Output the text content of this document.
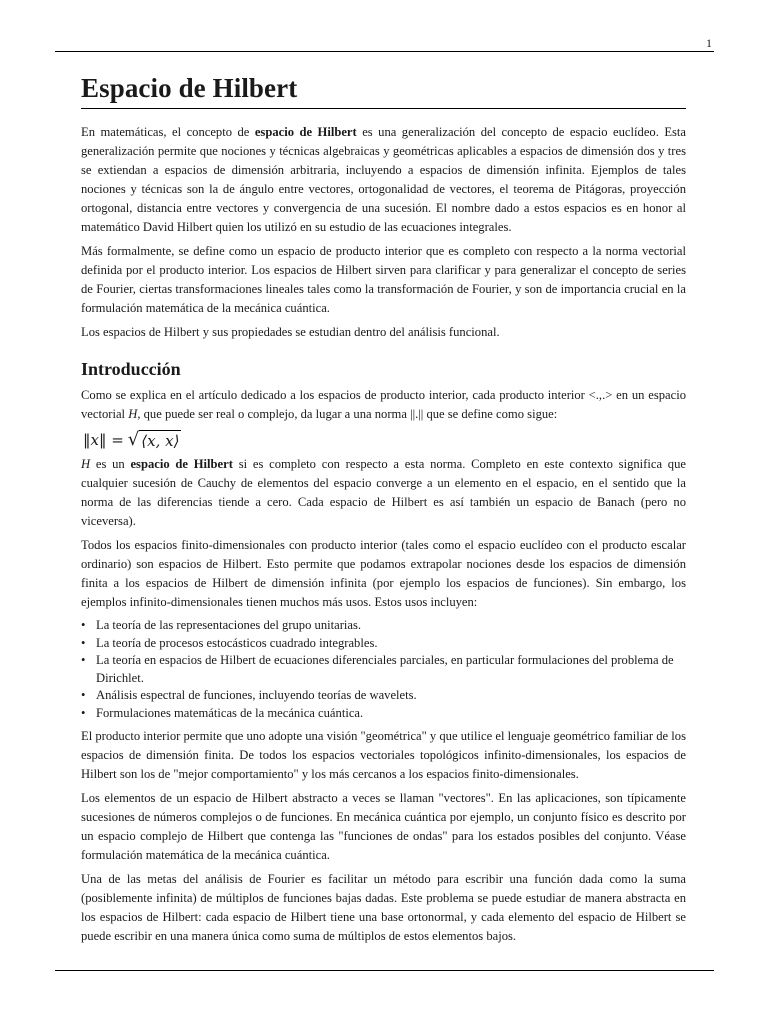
1
Espacio de Hilbert

En matemáticas, el concepto de espacio de Hilbert es una generalización del concepto de espacio euclídeo. Esta generalización permite que nociones y técnicas algebraicas y geométricas aplicables a espacios de dimensión dos y tres se extiendan a espacios de dimensión arbitraria, incluyendo a espacios de dimensión infinita. Ejemplos de tales nociones y técnicas son la de ángulo entre vectores, ortogonalidad de vectores, el teorema de Pitágoras, proyección ortogonal, distancia entre vectores y convergencia de una sucesión. El nombre dado a estos espacios es en honor al matemático David Hilbert quien los utilizó en su estudio de las ecuaciones integrales.

Más formalmente, se define como un espacio de producto interior que es completo con respecto a la norma vectorial definida por el producto interior. Los espacios de Hilbert sirven para clarificar y para generalizar el concepto de series de Fourier, ciertas transformaciones lineales tales como la transformación de Fourier, y son de importancia crucial en la formulación matemática de la mecánica cuántica.

Los espacios de Hilbert y sus propiedades se estudian dentro del análisis funcional.

Introducción

Como se explica en el artículo dedicado a los espacios de producto interior, cada producto interior <.,.> en un espacio vectorial H, que puede ser real o complejo, da lugar a una norma ||.|| que se define como sigue:

‖x‖ = √ ⟨x, x⟩

H es un espacio de Hilbert si es completo con respecto a esta norma. Completo en este contexto significa que cualquier sucesión de Cauchy de elementos del espacio converge a un elemento en el espacio, en el sentido que la norma de las diferencias tiende a cero. Cada espacio de Hilbert es así también un espacio de Banach (pero no viceversa).

Todos los espacios finito-dimensionales con producto interior (tales como el espacio euclídeo con el producto escalar ordinario) son espacios de Hilbert. Esto permite que podamos extrapolar nociones desde los espacios de dimensión finita a los espacios de Hilbert de dimensión infinita (por ejemplo los espacios de funciones). Sin embargo, los ejemplos infinito-dimensionales tienen muchos más usos. Estos usos incluyen:

• La teoría de las representaciones del grupo unitarias.
• La teoría de procesos estocásticos cuadrado integrables.
• La teoría en espacios de Hilbert de ecuaciones diferenciales parciales, en particular formulaciones del problema de Dirichlet.
• Análisis espectral de funciones, incluyendo teorías de wavelets.
• Formulaciones matemáticas de la mecánica cuántica.

El producto interior permite que uno adopte una visión "geométrica" y que utilice el lenguaje geométrico familiar de los espacios de dimensión finita. De todos los espacios vectoriales topológicos infinito-dimensionales, los espacios de Hilbert son los de "mejor comportamiento" y los más cercanos a los espacios finito-dimensionales.

Los elementos de un espacio de Hilbert abstracto a veces se llaman "vectores". En las aplicaciones, son típicamente sucesiones de números complejos o de funciones. En mecánica cuántica por ejemplo, un conjunto físico es descrito por un espacio complejo de Hilbert que contenga las "funciones de ondas" para los estados posibles del conjunto. Véase formulación matemática de la mecánica cuántica.

Una de las metas del análisis de Fourier es facilitar un método para escribir una función dada como la suma (posiblemente infinita) de múltiplos de funciones bajas dadas. Este problema se puede estudiar de manera abstracta en los espacios de Hilbert: cada espacio de Hilbert tiene una base ortonormal, y cada elemento del espacio de Hilbert se puede escribir en una manera única como suma de múltiplos de estos elementos bajos.
